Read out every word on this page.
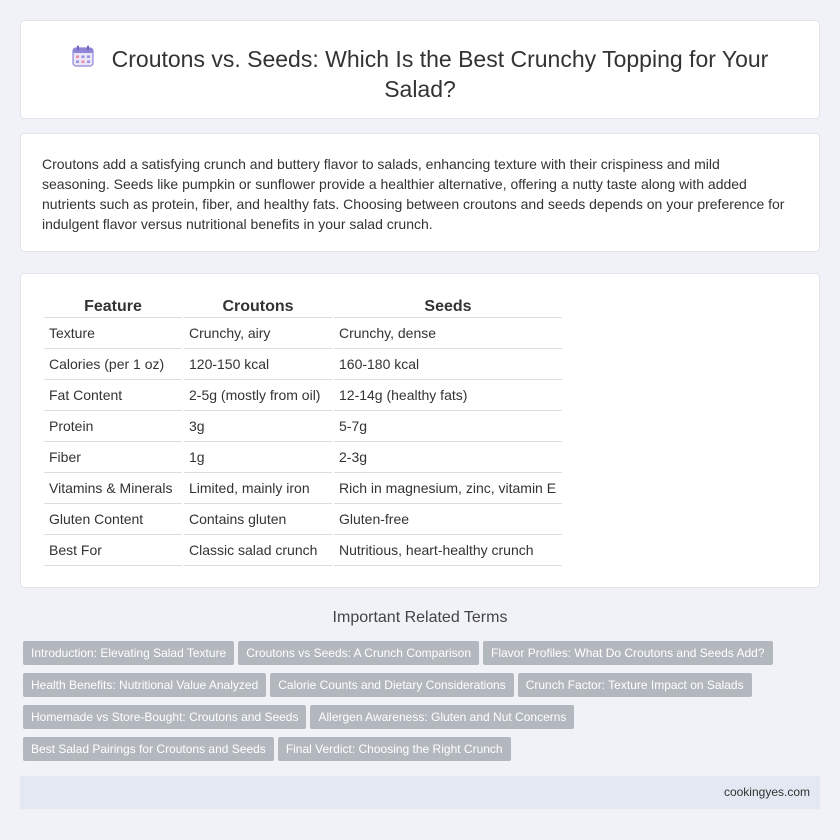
Croutons vs. Seeds: Which Is the Best Crunchy Topping for Your Salad?

Croutons add a satisfying crunch and buttery flavor to salads, enhancing texture with their crispiness and mild seasoning. Seeds like pumpkin or sunflower provide a healthier alternative, offering a nutty taste along with added nutrients such as protein, fiber, and healthy fats. Choosing between croutons and seeds depends on your preference for indulgent flavor versus nutritional benefits in your salad crunch.

Feature	Croutons	Seeds
Texture	Crunchy, airy	Crunchy, dense
Calories (per 1 oz)	120-150 kcal	160-180 kcal
Fat Content	2-5g (mostly from oil)	12-14g (healthy fats)
Protein	3g	5-7g
Fiber	1g	2-3g
Vitamins & Minerals	Limited, mainly iron	Rich in magnesium, zinc, vitamin E
Gluten Content	Contains gluten	Gluten-free
Best For	Classic salad crunch	Nutritious, heart-healthy crunch
Important Related Terms
Introduction: Elevating Salad Texture Croutons vs Seeds: A Crunch Comparison Flavor Profiles: What Do Croutons and Seeds Add?
Health Benefits: Nutritional Value Analyzed Calorie Counts and Dietary Considerations Crunch Factor: Texture Impact on Salads
Homemade vs Store-Bought: Croutons and Seeds Allergen Awareness: Gluten and Nut Concerns
Best Salad Pairings for Croutons and Seeds Final Verdict: Choosing the Right Crunch
cookingyes.com
